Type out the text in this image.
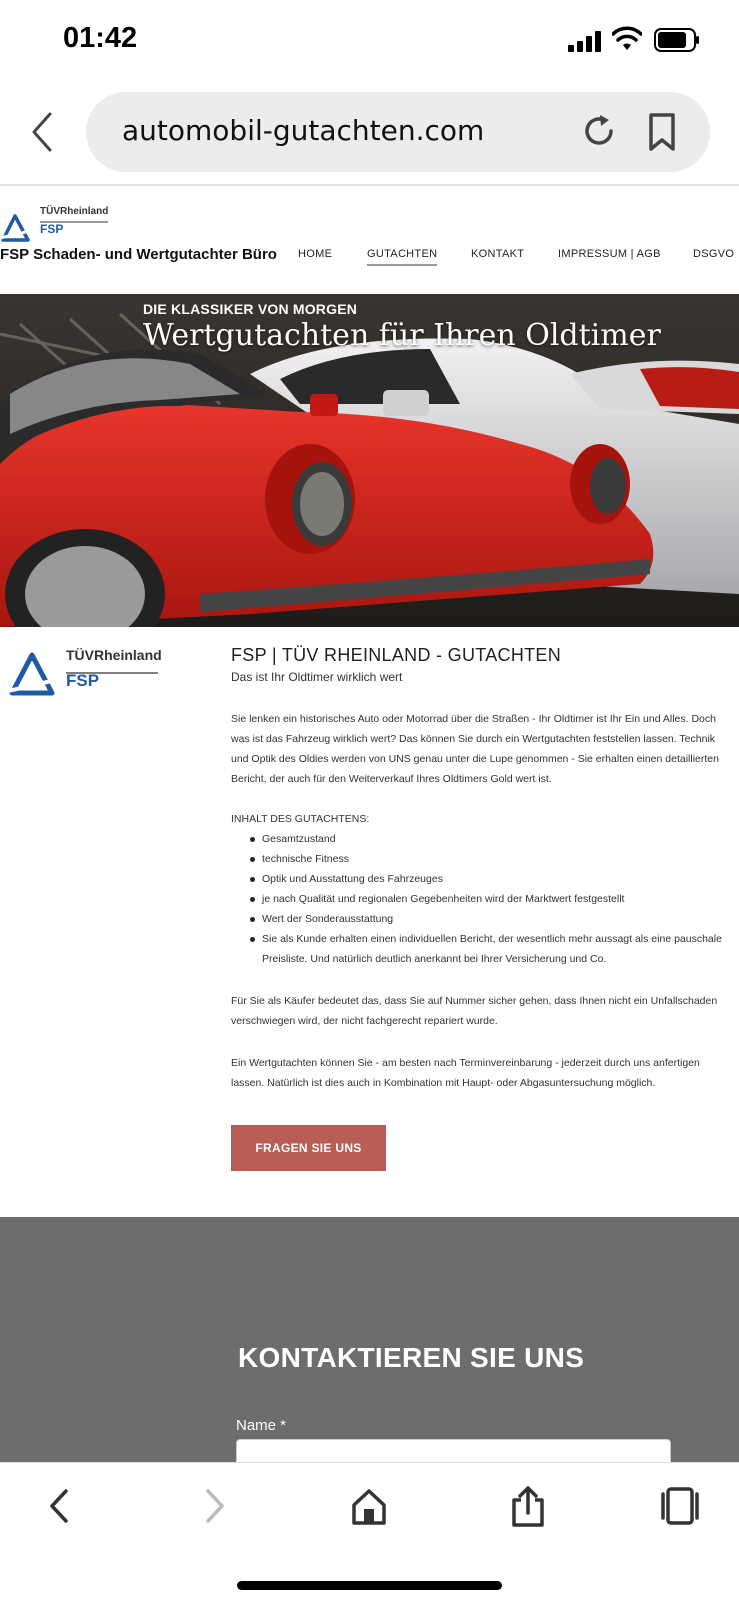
01:42
automobil-gutachten.com
TÜVRheinland
FSP
FSP Schaden- und Wertgutachter Büro HOME	GUTACHTEN	KONTAKT	IMPRESSUM | AGB	DSGVO
DIE KLASSIKER VON MORGEN
Wertgutachten für Ihren Oldtimer
TÜVRheinland
FSP
FSP | TÜV RHEINLAND - GUTACHTEN
Das ist Ihr Oldtimer wirklich wert

Sie lenken ein historisches Auto oder Motorrad über die Straßen - Ihr Oldtimer ist Ihr Ein und Alles. Doch was ist das Fahrzeug wirklich wert? Das können Sie durch ein Wertgutachten feststellen lassen. Technik und Optik des Oldies werden von UNS genau unter die Lupe genommen - Sie erhalten einen detaillierten Bericht, der auch für den Weiterverkauf Ihres Oldtimers Gold wert ist.

INHALT DES GUTACHTENS:
Gesamtzustand
technische Fitness
Optik und Ausstattung des Fahrzeuges
je nach Qualität und regionalen Gegebenheiten wird der Marktwert festgestellt
Wert der Sonderausstattung
Sie als Kunde erhalten einen individuellen Bericht, der wesentlich mehr aussagt als eine pauschale Preisliste. Und natürlich deutlich anerkannt bei Ihrer Versicherung und Co.

Für Sie als Käufer bedeutet das, dass Sie auf Nummer sicher gehen, dass Ihnen nicht ein Unfallschaden verschwiegen wird, der nicht fachgerecht repariert wurde.

Ein Wertgutachten können Sie - am besten nach Terminvereinbarung - jederzeit durch uns anfertigen lassen. Natürlich ist dies auch in Kombination mit Haupt- oder Abgasuntersuchung möglich.

FRAGEN SIE UNS
KONTAKTIEREN SIE UNS
Name *
